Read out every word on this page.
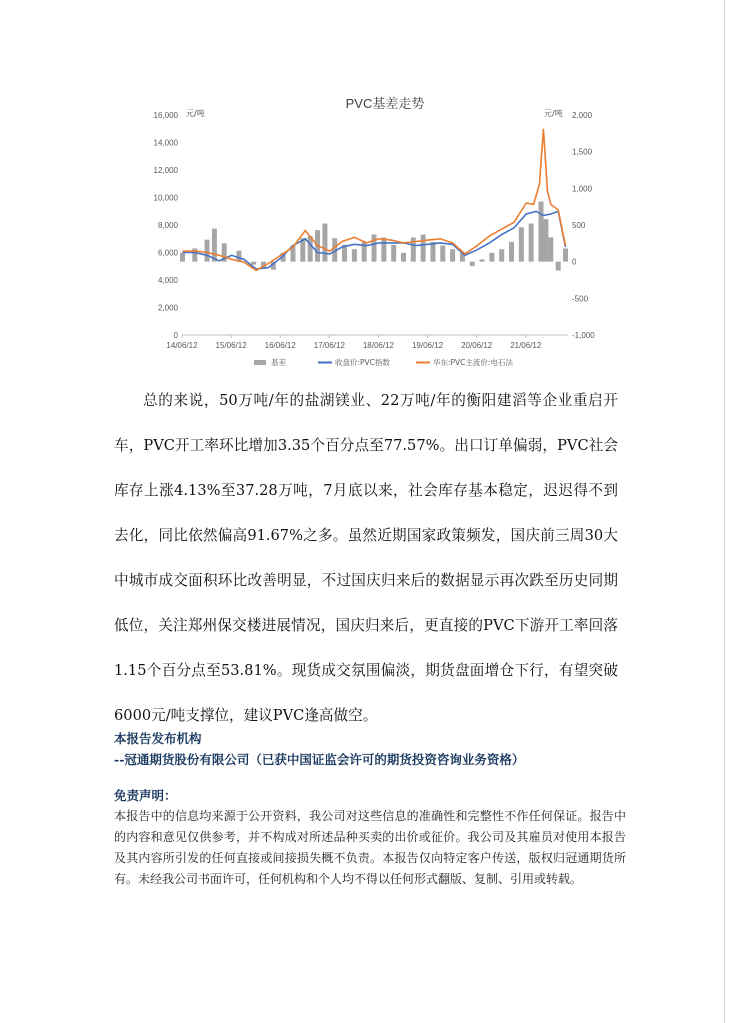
PVC基差走势
元/吨	元/吨
0
2,000
4,000
6,000
8,000
10,000
12,000
14,000
16,000
-1,000
-500
0
500
1,000
1,500
2,000
14/06/12 15/06/12 16/06/12 17/06/12 18/06/12 19/06/12 20/06/12 21/06/12
基差	收盘价:PVC指数	华东:PVC主流价:电石法

总的来说，50万吨/年的盐湖镁业、22万吨/年的衡阳建滔等企业重启开车，PVC开工率环比增加3.35个百分点至77.57%。出口订单偏弱，PVC社会库存上涨4.13%至37.28万吨，7月底以来，社会库存基本稳定，迟迟得不到去化，同比依然偏高91.67%之多。虽然近期国家政策频发，国庆前三周30大中城市成交面积环比改善明显，不过国庆归来后的数据显示再次跌至历史同期低位，关注郑州保交楼进展情况，国庆归来后，更直接的PVC下游开工率回落1.15个百分点至53.81%。现货成交氛围偏淡，期货盘面增仓下行，有望突破6000元/吨支撑位，建议PVC逢高做空。

本报告发布机构
--冠通期货股份有限公司（已获中国证监会许可的期货投资咨询业务资格）
免责声明：
本报告中的信息均来源于公开资料，我公司对这些信息的准确性和完整性不作任何保证。报告中的内容和意见仅供参考，并不构成对所述品种买卖的出价或征价。我公司及其雇员对使用本报告及其内容所引发的任何直接或间接损失概不负责。本报告仅向特定客户传送，版权归冠通期货所有。未经我公司书面许可，任何机构和个人均不得以任何形式翻版、复制、引用或转载。
